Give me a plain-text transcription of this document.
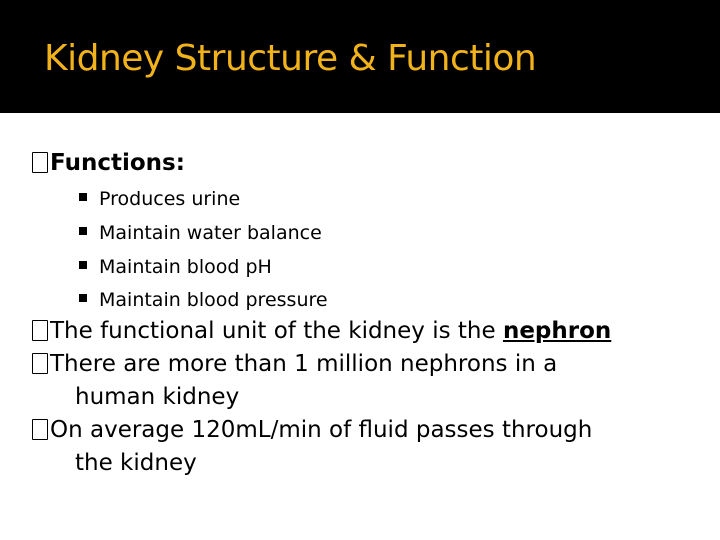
Kidney Structure & Function
Functions:
Produces urine
Maintain water balance
Maintain blood pH
Maintain blood pressure
The functional unit of the kidney is the nephron
There are more than 1 million nephrons in a
human kidney
On average 120mL/min of fluid passes through
the kidney
